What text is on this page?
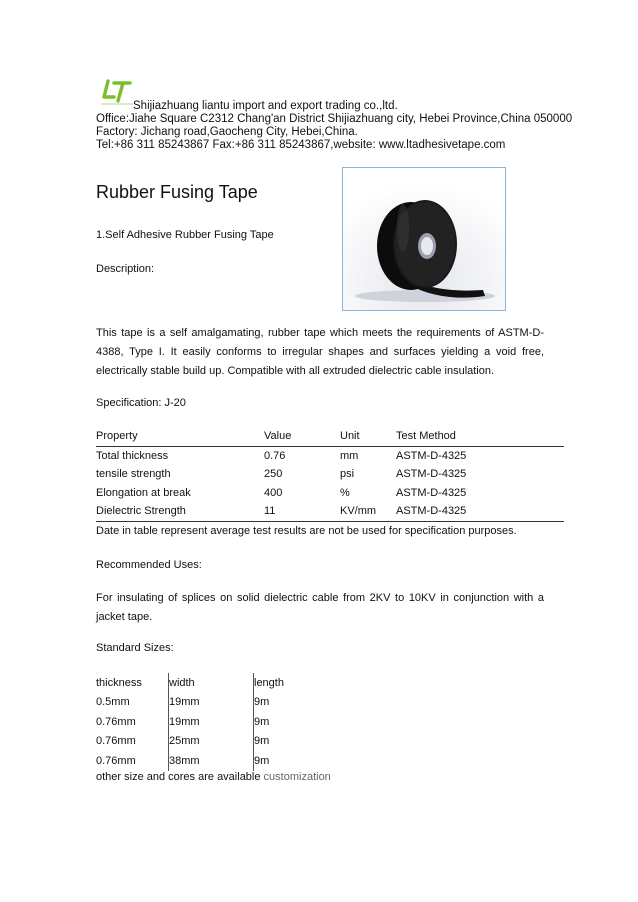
Shijiazhuang liantu import and export trading co.,ltd.
Office:Jiahe Square C2312 Chang'an District Shijiazhuang city, Hebei Province,China 050000
Factory: Jichang road,Gaocheng City, Hebei,China.
Tel:+86 311 85243867 Fax:+86 311 85243867,website: www.ltadhesivetape.com
Rubber Fusing Tape
1.Self Adhesive Rubber Fusing Tape
Description:
This tape is a self amalgamating, rubber tape which meets the requirements of ASTM-D-4388, Type I. It easily conforms to irregular shapes and surfaces yielding a void free, electrically stable build up. Compatible with all extruded dielectric cable insulation.
Specification: J-20
Property	Value	Unit	Test Method
Total thickness	0.76	mm	ASTM-D-4325
tensile strength	250	psi	ASTM-D-4325
Elongation at break	400	%	ASTM-D-4325
Dielectric Strength	11	KV/mm	ASTM-D-4325
Date in table represent average test results are not be used for specification purposes.
Recommended Uses:
For insulating of splices on solid dielectric cable from 2KV to 10KV in conjunction with a jacket tape.
Standard Sizes:
thickness	width	length
0.5mm	19mm	9m
0.76mm	19mm	9m
0.76mm	25mm	9m
0.76mm	38mm	9m
other size and cores are available customization
